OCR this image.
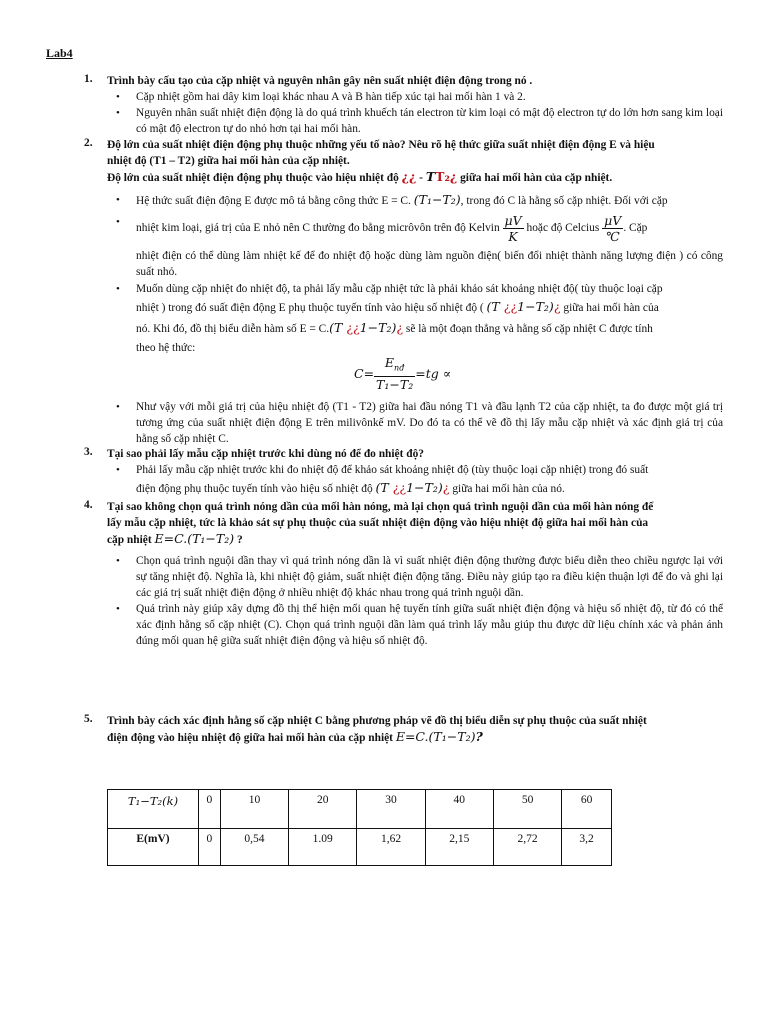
Lab4
1. Trình bày cấu tạo của cặp nhiệt và nguyên nhân gây nên suất nhiệt điện động trong nó .
• Cặp nhiệt gồm hai dây kim loại khác nhau A và B hàn tiếp xúc tại hai mối hàn 1 và 2.
• Nguyên nhân suất nhiệt điện động là do quá trình khuếch tán electron từ kim loại có mật độ electron tự do lớn hơn sang kim loại có mật độ electron tự do nhỏ hơn tại hai mối hàn.
2. Độ lớn của suất nhiệt điện động phụ thuộc những yếu tố nào? Nêu rõ hệ thức giữa suất nhiệt điện động E và hiệu
nhiệt độ (T1 – T2) giữa hai mối hàn của cặp nhiệt.
Độ lớn của suất nhiệt điện động phụ thuộc vào hiệu nhiệt độ ¿¿ - TT₂¿ giữa hai mối hàn của cặp nhiệt.
• Hệ thức suất điện động E được mô tả bằng công thức E = C. (T₁−T₂), trong đó C là hằng số cặp nhiệt. Đối với cặp
• nhiệt kim loại, giá trị của E nhỏ nên C thường đo bằng micrôvôn trên độ Kelvin $\frac{\mu V}{K}$ hoặc độ Celcius $\frac{\mu V}{℃}$ . Cặp
nhiệt điện có thể dùng làm nhiệt kế để đo nhiệt độ hoặc dùng làm nguồn điện( biến đổi nhiệt thành năng lượng điện ) có công suất nhỏ.
• Muốn dùng cặp nhiệt đo nhiệt độ, ta phải lấy mẫu cặp nhiệt tức là phải khảo sát khoảng nhiệt độ( tùy thuộc loại cặp
nhiệt ) trong đó suất điện động E phụ thuộc tuyến tính vào hiệu số nhiệt độ ( (T ¿¿1−T₂)¿ giữa hai mối hàn của
nó. Khi đó, đồ thị biểu diễn hàm số E = C.(T ¿¿1−T₂)¿ sẽ là một đoạn thẳng và hằng số cặp nhiệt C được tính
theo hệ thức:
$C= \frac{E_{nđ}}{\text{T₁−T₂}} =tg$ ∝
• Như vậy với mỗi giá trị của hiệu nhiệt độ (T1 - T2) giữa hai đầu nóng T1 và đầu lạnh T2 của cặp nhiệt, ta đo được một giá trị tương ứng của suất nhiệt điện động E trên milivônkế mV. Do đó ta có thể vẽ đồ thị lấy mẫu cặp nhiệt và xác định giá trị của hằng số cặp nhiệt C.
3. Tại sao phải lấy mẫu cặp nhiệt trước khi dùng nó để đo nhiệt độ?
• Phải lấy mẫu cặp nhiệt trước khi đo nhiệt độ để khảo sát khoảng nhiệt độ (tùy thuộc loại cặp nhiệt) trong đó suất
điện động phụ thuộc tuyến tính vào hiệu số nhiệt độ (T ¿¿1−T₂)¿ giữa hai mối hàn của nó.
4. Tại sao không chọn quá trình nóng dần của mối hàn nóng, mà lại chọn quá trình nguội dần của mối hàn nóng để
lấy mẫu cặp nhiệt, tức là khảo sát sự phụ thuộc của suất nhiệt điện động vào hiệu nhiệt độ giữa hai mối hàn của
cặp nhiệt E=C.(T₁−T₂) ?
• Chọn quá trình nguội dần thay vì quá trình nóng dần là vì suất nhiệt điện động thường được biểu diễn theo chiều ngược lại với sự tăng nhiệt độ. Nghĩa là, khi nhiệt độ giảm, suất nhiệt điện động tăng. Điều này giúp tạo ra điều kiện thuận lợi để đo và ghi lại các giá trị suất nhiệt điện động ở nhiều nhiệt độ khác nhau trong quá trình nguội dần.
• Quá trình này giúp xây dựng đồ thị thể hiện mối quan hệ tuyến tính giữa suất nhiệt điện động và hiệu số nhiệt độ, từ đó có thể xác định hằng số cặp nhiệt (C). Chọn quá trình nguội dần làm quá trình lấy mẫu giúp thu được dữ liệu chính xác và phản ánh đúng mối quan hệ giữa suất nhiệt điện động và hiệu số nhiệt độ.
5. Trình bày cách xác định hằng số cặp nhiệt C bằng phương pháp vẽ đồ thị biểu diễn sự phụ thuộc của suất nhiệt
điện động vào hiệu nhiệt độ giữa hai mối hàn của cặp nhiệt E=C.(T₁−T₂)?
T₁−T₂(k)	0	10	20	30	40	50	60
E(mV)	0	0,54	1.09	1,62	2,15	2,72	3,2
